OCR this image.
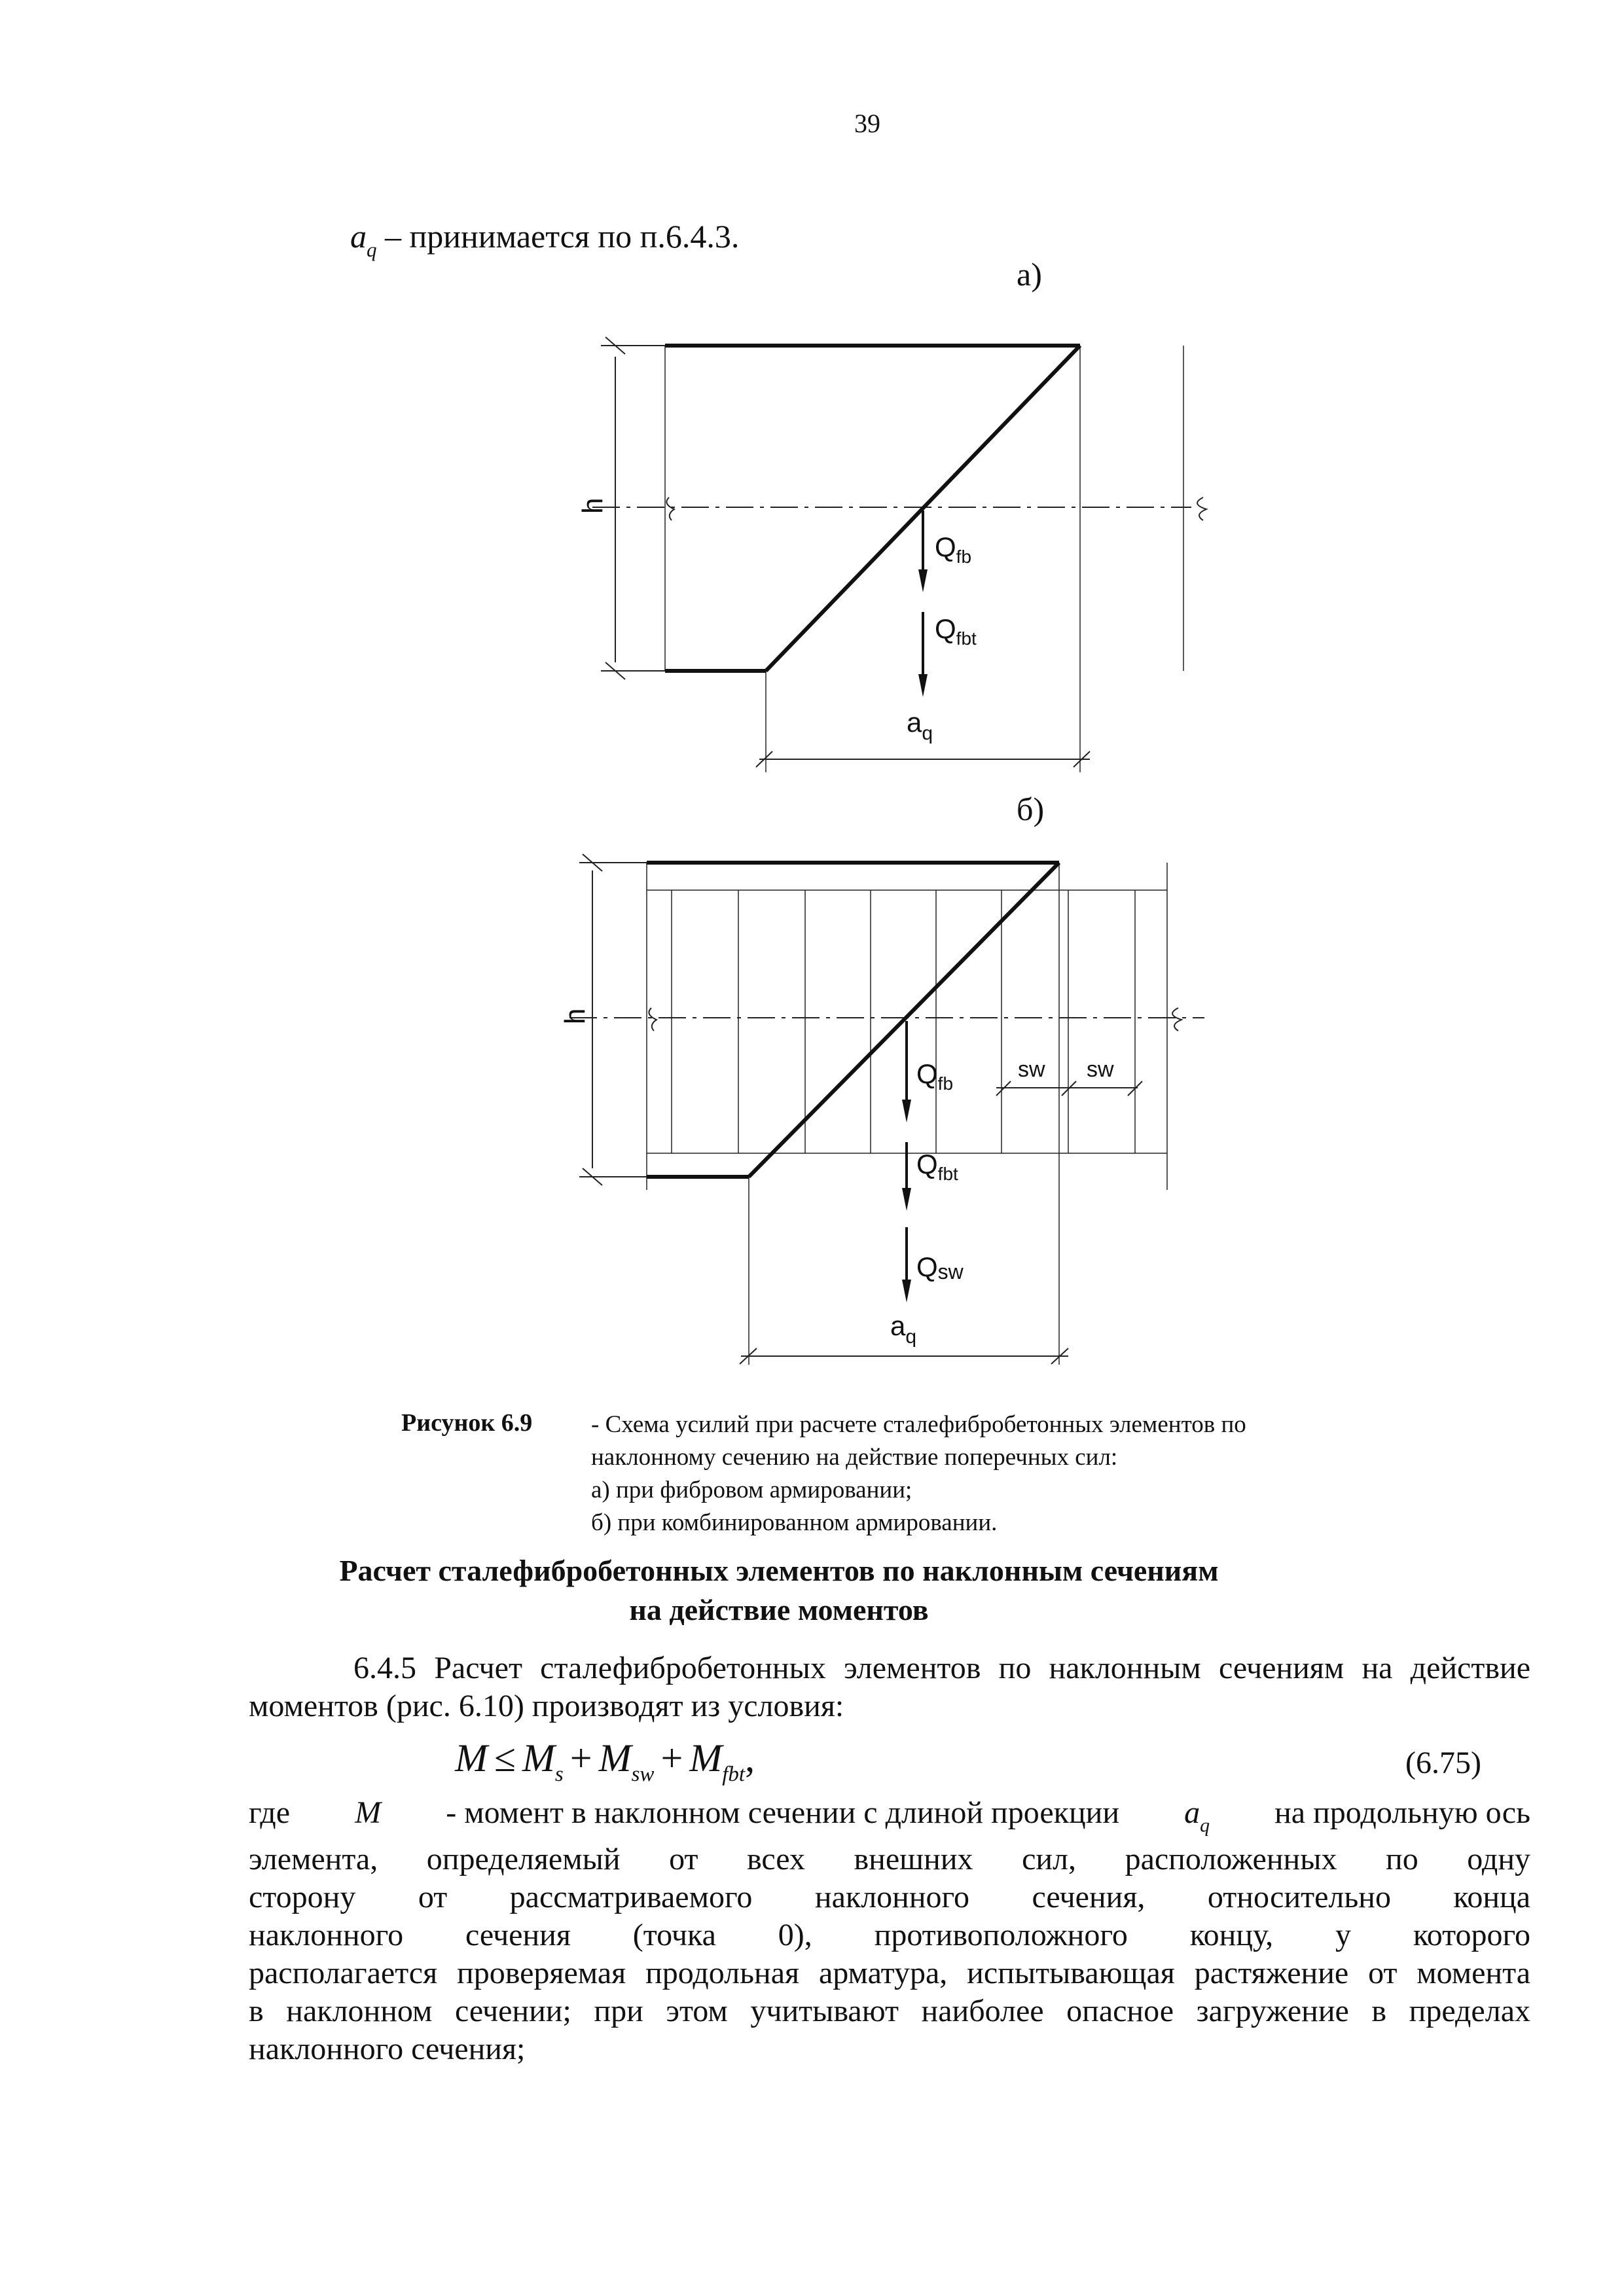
39
$a_q$ – принимается по п.6.4.3.
а)
h
$Q_{fb}$
$Q_{fbt}$
$a_q$
б)
h
$Q_{fb}$
$Q_{fbt}$
Qsw
sw sw
$a_q$
Рисунок 6.9 - Схема усилий при расчете сталефибробетонных элементов по
наклонному сечению на действие поперечных сил:
а) при фибровом армировании;
б) при комбинированном армировании.
Расчет сталефибробетонных элементов по наклонным сечениям
на действие моментов
6.4.5 Расчет сталефибробетонных элементов по наклонным сечениям на действие
моментов (рис. 6.10) производят из условия:
$M \le M_s + M_{sw} + M_{fbt}$,	(6.75)
где M - момент в наклонном сечении с длиной проекции $a_q$ на продольную ось
элемента, определяемый от всех внешних сил, расположенных по одну
сторону от рассматриваемого наклонного сечения, относительно конца
наклонного сечения (точка 0), противоположного концу, у которого
располагается проверяемая продольная арматура, испытывающая растяжение от момента
в наклонном сечении; при этом учитывают наиболее опасное загружение в пределах
наклонного сечения;
